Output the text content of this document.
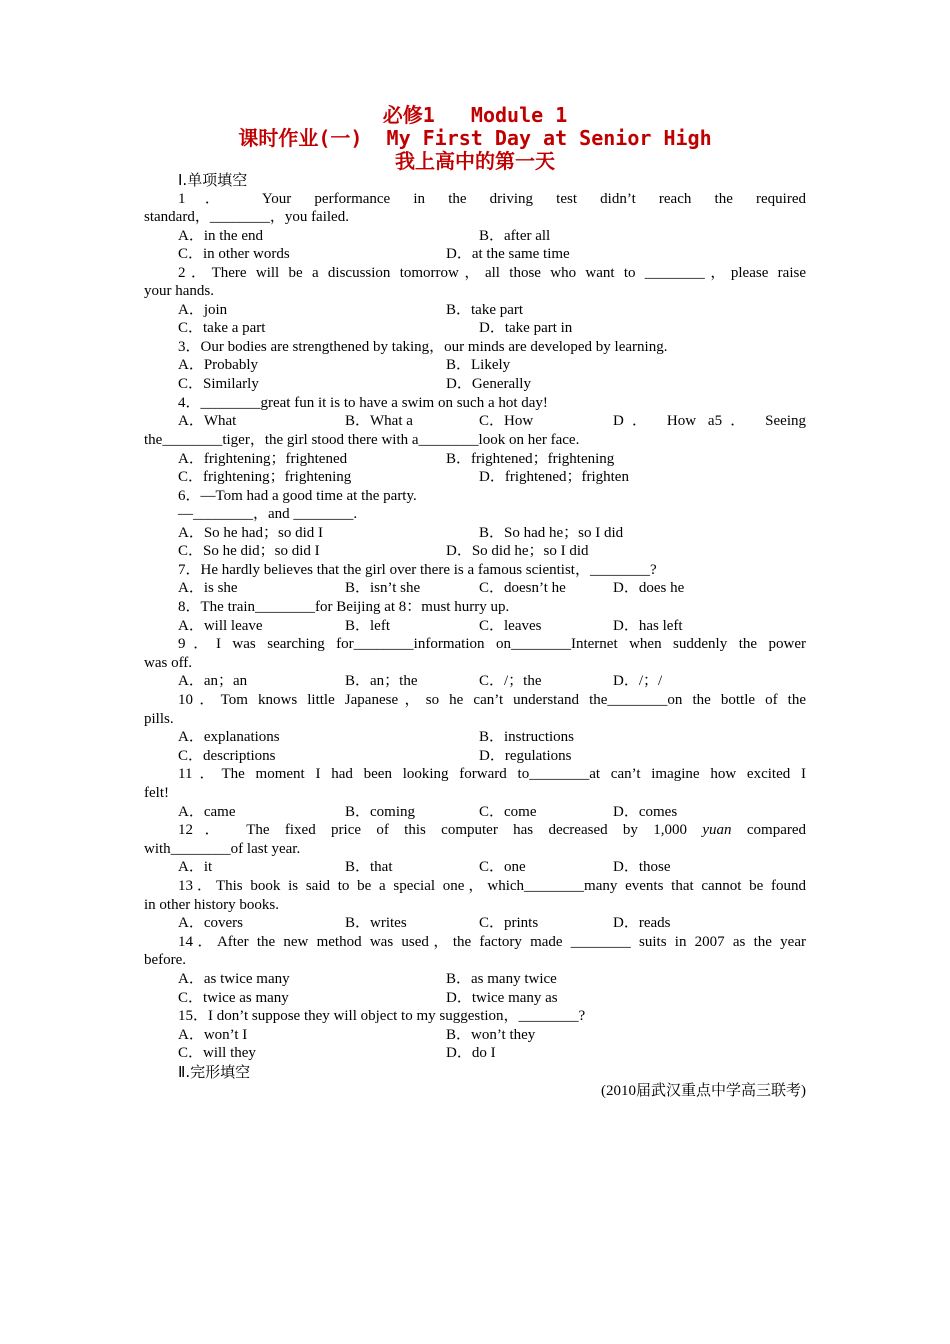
必修1   Module 1
课时作业(一)  My First Day at Senior High
我上高中的第一天
Ⅰ.单项填空
1． Your performance in the driving test didn’t reach the required
standard，________，you failed.
A．in the end	B．after all
C．in other words	D．at the same time
2．There will be a discussion tomorrow，all those who want to ________，please raise
your hands.
A．join	B．take part
C．take a part	D．take part in
3．Our bodies are strengthened by taking，our minds are developed by learning.
A．Probably	B．Likely
C．Similarly	D．Generally
4．________great fun it is to have a swim on such a hot day!
A．What	B．What a	C．How	D． How a5． Seeing
the________tiger，the girl stood there with a________look on her face.
A．frightening；frightened	B．frightened；frightening
C．frightening；frightening	D．frightened；frighten
6．—Tom had a good time at the party.
—________，and ________.
A．So he had；so did I	B．So had he；so I did
C．So he did；so did I	D．So did he；so I did
7．He hardly believes that the girl over there is a famous scientist，________?
A．is she	B．isn’t she	C．doesn’t he	D．does he
8．The train________for Beijing at 8：must hurry up.
A．will leave	B．left	C．leaves	D．has left
9．I was searching for________information on________Internet when suddenly the power
was off.
A．an；an	B．an；the	C．/；the	D．/；/
10．Tom knows little Japanese，so he can’t understand the________on the bottle of the
pills.
A．explanations	B．instructions
C．descriptions	D．regulations
11．The moment I had been looking forward to________at can’t imagine how excited I
felt!
A．came	B．coming	C．come	D．comes
12． The fixed price of this computer has decreased by 1,000 yuan compared
with________of last year.
A．it	B．that	C．one	D．those
13．This book is said to be a special one，which________many events that cannot be found
in other history books.
A．covers	B．writes	C．prints	D．reads
14．After the new method was used，the factory made ________ suits in 2007 as the year
before.
A．as twice many	B．as many twice
C．twice as many	D．twice many as
15．I don’t suppose they will object to my suggestion，________?
A．won’t I	B．won’t they
C．will they	D．do I
Ⅱ.完形填空
(2010届武汉重点中学高三联考)
